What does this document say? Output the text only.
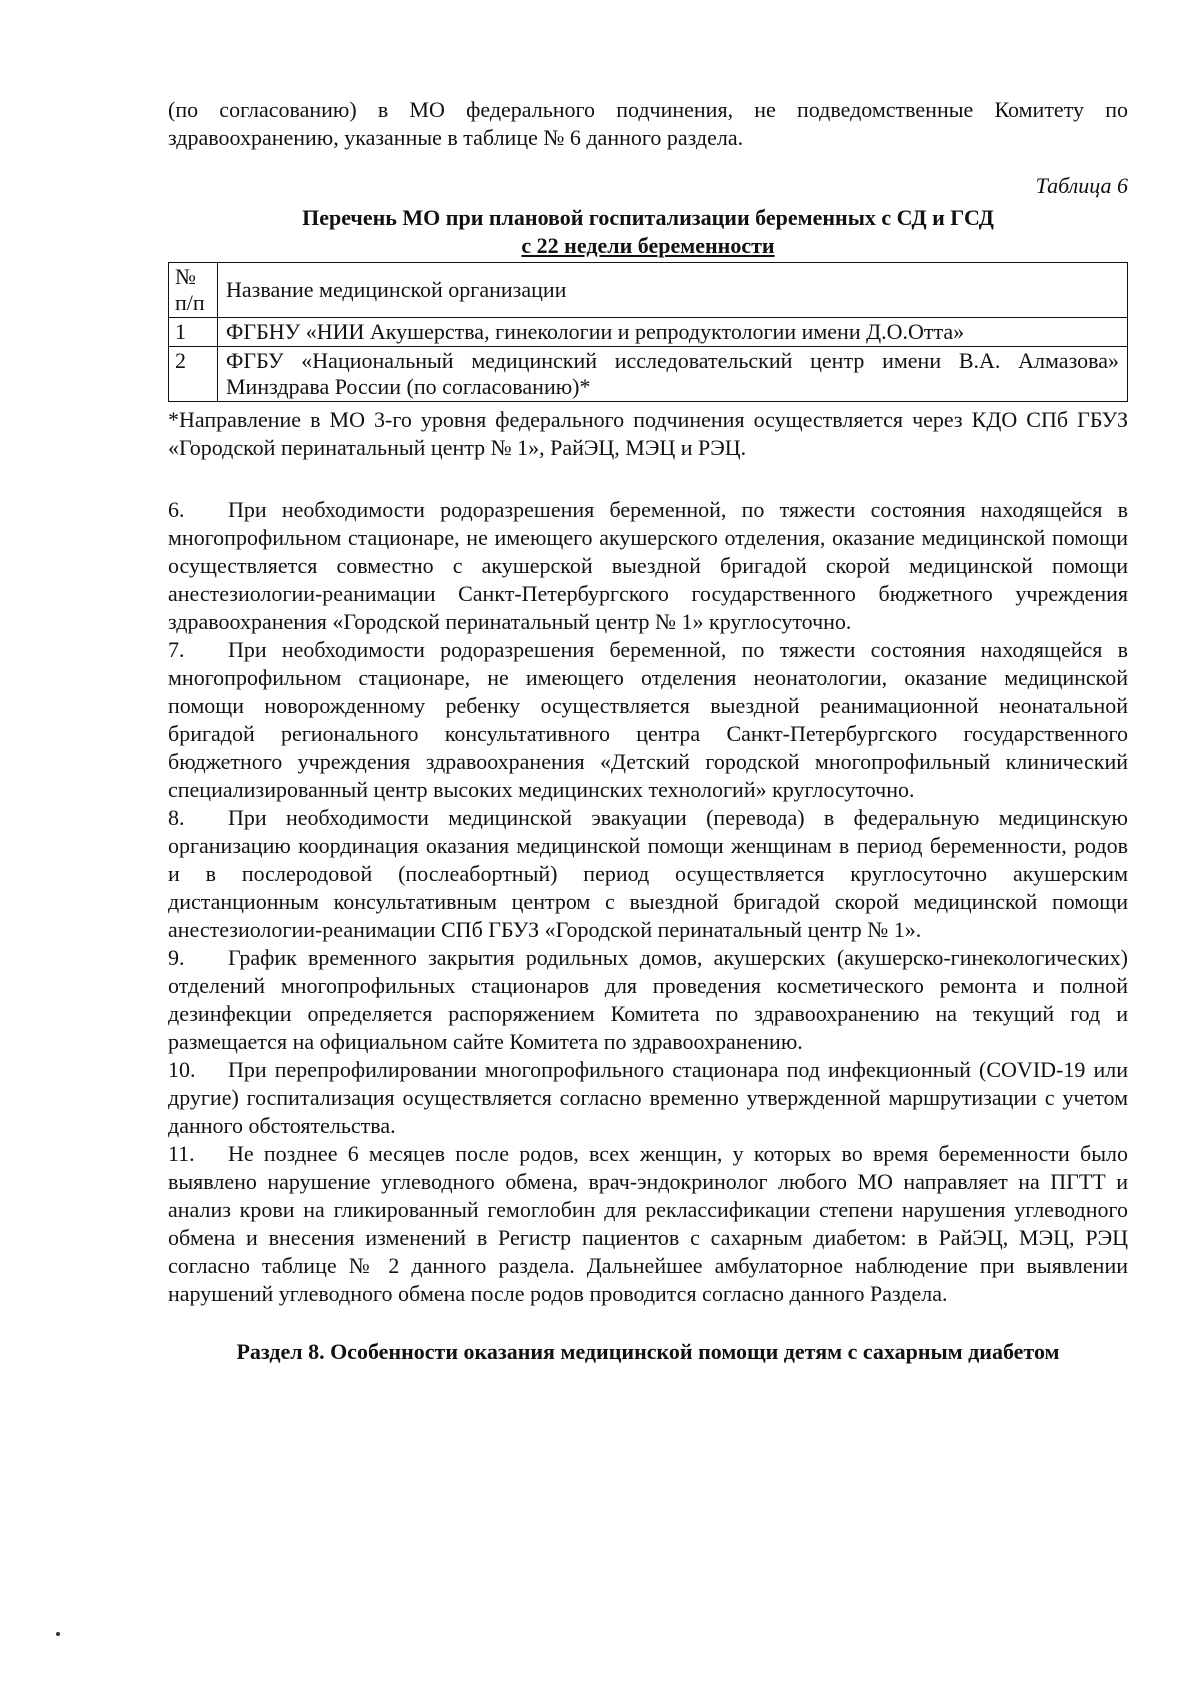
(по согласованию) в МО федерального подчинения, не подведомственные Комитету по здравоохранению, указанные в таблице № 6 данного раздела.

Таблица 6

Перечень МО при плановой госпитализации беременных с СД и ГСД
с 22 недели беременности
№ п/п	Название медицинской организации
1	ФГБНУ «НИИ Акушерства, гинекологии и репродуктологии имени Д.О.Отта»
2	ФГБУ «Национальный медицинский исследовательский центр имени В.А. Алмазова» Минздрава России (по согласованию)*

*Направление в МО 3-го уровня федерального подчинения осуществляется через КДО СПб ГБУЗ «Городской перинатальный центр № 1», РайЭЦ, МЭЦ и РЭЦ.

6. При необходимости родоразрешения беременной, по тяжести состояния находящейся в многопрофильном стационаре, не имеющего акушерского отделения, оказание медицинской помощи осуществляется совместно с акушерской выездной бригадой скорой медицинской помощи анестезиологии-реанимации Санкт-Петербургского государственного бюджетного учреждения здравоохранения «Городской перинатальный центр № 1» круглосуточно.

7. При необходимости родоразрешения беременной, по тяжести состояния находящейся в многопрофильном стационаре, не имеющего отделения неонатологии, оказание медицинской помощи новорожденному ребенку осуществляется выездной реанимационной неонатальной бригадой регионального консультативного центра Санкт-Петербургского государственного бюджетного учреждения здравоохранения «Детский городской многопрофильный клинический специализированный центр высоких медицинских технологий» круглосуточно.

8. При необходимости медицинской эвакуации (перевода) в федеральную медицинскую организацию координация оказания медицинской помощи женщинам в период беременности, родов и в послеродовой (послеабортный) период осуществляется круглосуточно акушерским дистанционным консультативным центром с выездной бригадой скорой медицинской помощи анестезиологии-реанимации СПб ГБУЗ «Городской перинатальный центр № 1».

9. График временного закрытия родильных домов, акушерских (акушерско-гинекологических) отделений многопрофильных стационаров для проведения косметического ремонта и полной дезинфекции определяется распоряжением Комитета по здравоохранению на текущий год и размещается на официальном сайте Комитета по здравоохранению.

10. При перепрофилировании многопрофильного стационара под инфекционный (COVID-19 или другие) госпитализация осуществляется согласно временно утвержденной маршрутизации с учетом данного обстоятельства.

11. Не позднее 6 месяцев после родов, всех женщин, у которых во время беременности было выявлено нарушение углеводного обмена, врач-эндокринолог любого МО направляет на ПГТТ и анализ крови на гликированный гемоглобин для реклассификации степени нарушения углеводного обмена и внесения изменений в Регистр пациентов с сахарным диабетом: в РайЭЦ, МЭЦ, РЭЦ согласно таблице № 2 данного раздела. Дальнейшее амбулаторное наблюдение при выявлении нарушений углеводного обмена после родов проводится согласно данного Раздела.

Раздел 8. Особенности оказания медицинской помощи детям с сахарным диабетом
